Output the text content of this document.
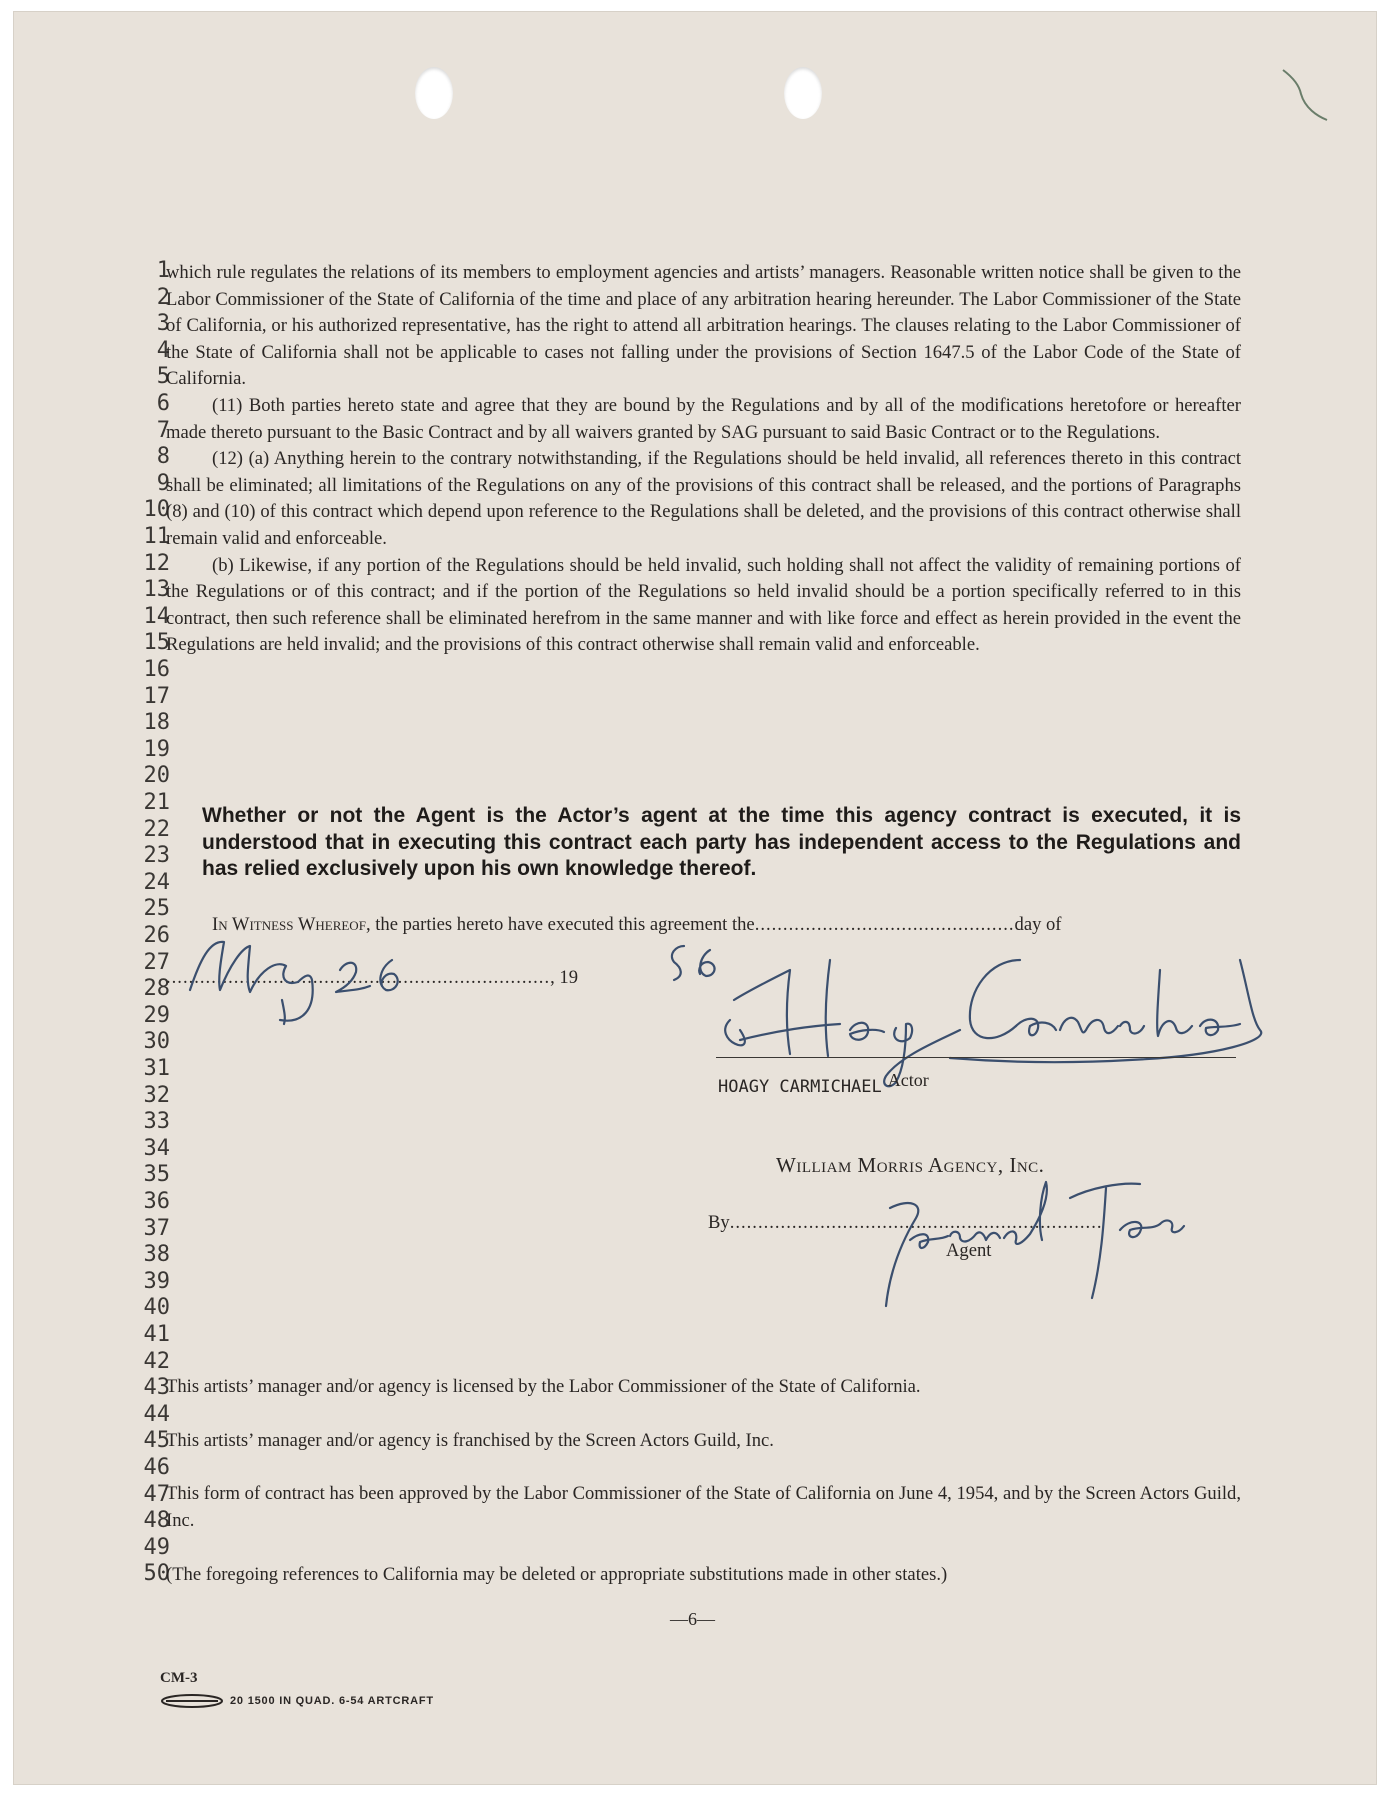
1
2
3
4
5
6
7
8
9
10
11
12
13
14
15
16
17
18
19
20
21
22
23
24
25
26
27
28
29
30
31
32
33
34
35
36
37
38
39
40
41
42
43
44
45
46
47
48
49
50

which rule regulates the relations of its members to employment agencies and artists’ managers. Reasonable written notice shall be given to the Labor Commissioner of the State of California of the time and place of any arbitration hearing hereunder. The Labor Commissioner of the State of California, or his authorized representative, has the right to attend all arbitration hearings. The clauses relating to the Labor Commissioner of the State of California shall not be applicable to cases not falling under the provisions of Section 1647.5 of the Labor Code of the State of California.

(11) Both parties hereto state and agree that they are bound by the Regulations and by all of the modifications heretofore or hereafter made thereto pursuant to the Basic Contract and by all waivers granted by SAG pursuant to said Basic Contract or to the Regulations.

(12) (a) Anything herein to the contrary notwithstanding, if the Regulations should be held invalid, all references thereto in this contract shall be eliminated; all limitations of the Regulations on any of the provisions of this contract shall be released, and the portions of Paragraphs (8) and (10) of this contract which depend upon reference to the Regulations shall be deleted, and the provisions of this contract otherwise shall remain valid and enforceable.

(b) Likewise, if any portion of the Regulations should be held invalid, such holding shall not affect the validity of remaining portions of the Regulations or of this contract; and if the portion of the Regulations so held invalid should be a portion specifically referred to in this contract, then such reference shall be eliminated herefrom in the same manner and with like force and effect as herein provided in the event the Regulations are held invalid; and the provisions of this contract otherwise shall remain valid and enforceable.

Whether or not the Agent is the Actor’s agent at the time this agency contract is executed, it is understood that in executing this contract each party has independent access to the Regulations and has relied exclusively upon his own knowledge thereof.
In Witness Whereof, the parties hereto have executed this agreement the..............................................day of
...................................................................., 19
HOAGY CARMICHAEL Actor
William Morris Agency, Inc.
By..................................................................
Agent
This artists’ manager and/or agency is licensed by the Labor Commissioner of the State of California.
This artists’ manager and/or agency is franchised by the Screen Actors Guild, Inc.
This form of contract has been approved by the Labor Commissioner of the State of California on June 4, 1954, and by the Screen Actors Guild, Inc.
(The foregoing references to California may be deleted or appropriate substitutions made in other states.)
—6—
CM-3
20 1500 IN QUAD. 6-54 ARTCRAFT
